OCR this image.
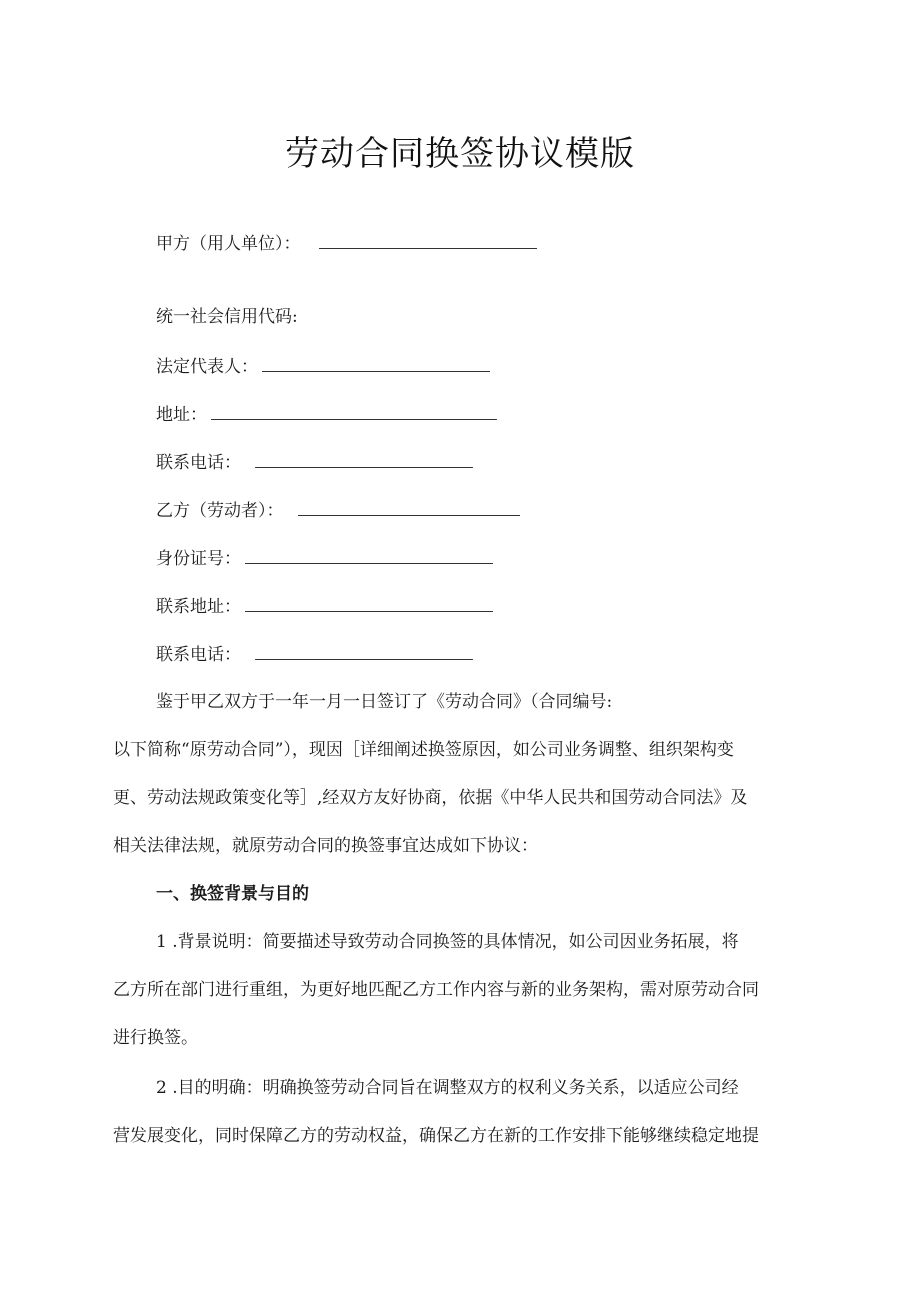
劳动合同换签协议模版
甲方（用人单位）：
统一社会信用代码:
法定代表人：
地址：
联系电话：
乙方（劳动者）：
身份证号：
联系地址：
联系电话：
鉴于甲乙双方于一年一月一日签订了《劳动合同》（合同编号:
以下简称“原劳动合同”），现因［详细阐述换签原因，如公司业务调整、组织架构变
更、劳动法规政策变化等］,经双方友好协商，依据《中华人民共和国劳动合同法》及
相关法律法规，就原劳动合同的换签事宜达成如下协议：
一、换签背景与目的
1 .背景说明：简要描述导致劳动合同换签的具体情况，如公司因业务拓展，将
乙方所在部门进行重组，为更好地匹配乙方工作内容与新的业务架构，需对原劳动合同
进行换签。
2 .目的明确：明确换签劳动合同旨在调整双方的权利义务关系，以适应公司经
营发展变化，同时保障乙方的劳动权益，确保乙方在新的工作安排下能够继续稳定地提
